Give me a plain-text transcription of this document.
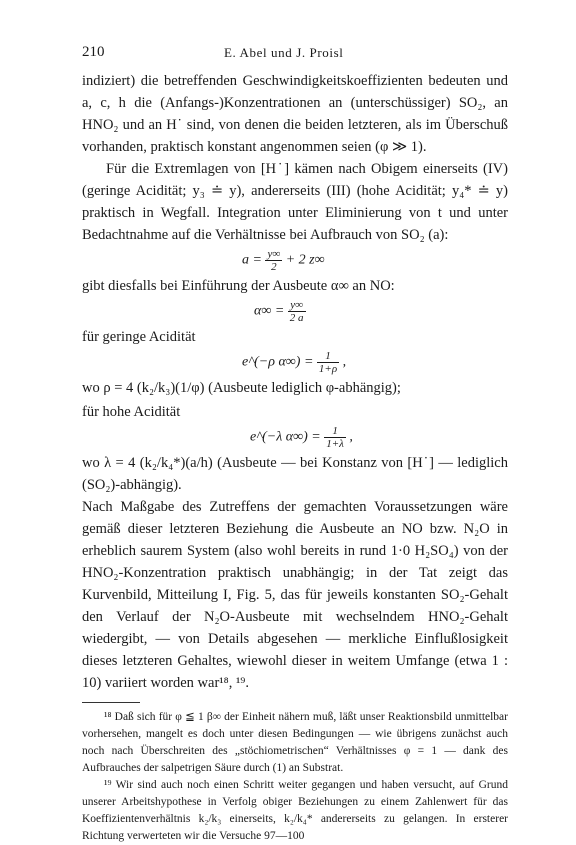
210	E. Abel und J. Proisl

indiziert) die betreffenden Geschwindigkeitskoeffizienten bedeuten und a, c, h die (Anfangs-)Konzentrationen an (unterschüssiger) SO₂, an HNO₂ und an H˙ sind, von denen die beiden letzteren, als im Überschuß vorhanden, praktisch konstant angenommen seien (φ ≫ 1).

Für die Extremlagen von [H˙] kämen nach Obigem einerseits (IV) (geringe Acidität; y₃ ≐ y), andererseits (III) (hohe Acidität; y₄* ≐ y) praktisch in Wegfall. Integration unter Eliminierung von t und unter Bedachtnahme auf die Verhältnisse bei Aufbrauch von SO₂ (a):

$a = \frac{y\infty}{2} + 2$ z∞

gibt diesfalls bei Einführung der Ausbeute α∞ an NO:

$\alpha\infty = \frac{y\infty}{2 a}$
für geringe Acidität
e^(−ρ $\alpha\infty) = \frac{1}{1+\rho}$ ,
wo ρ = 4 (k₂/k₃)(1/φ) (Ausbeute lediglich φ-abhängig);
für hohe Acidität
e^(−λ $\alpha\infty) = \frac{1}{1+\lambda}$ ,

wo λ = 4 (k₂/k₄*)(a/h) (Ausbeute — bei Konstanz von [H˙] — lediglich (SO₂)-abhängig).

Nach Maßgabe des Zutreffens der gemachten Voraussetzungen wäre gemäß dieser letzteren Beziehung die Ausbeute an NO bzw. N₂O in erheblich saurem System (also wohl bereits in rund 1·0 H₂SO₄) von der HNO₂-Konzentration praktisch unabhängig; in der Tat zeigt das Kurvenbild, Mitteilung I, Fig. 5, das für jeweils konstanten SO₂-Gehalt den Verlauf der N₂O-Ausbeute mit wechselndem HNO₂-Gehalt wiedergibt, — von Details abgesehen — merkliche Einflußlosigkeit dieses letzteren Gehaltes, wiewohl dieser in weitem Umfange (etwa 1 : 10) variiert worden war¹⁸, ¹⁹.

¹⁸ Daß sich für φ ≦ 1 β∞ der Einheit nähern muß, läßt unser Reaktionsbild unmittelbar vorhersehen, mangelt es doch unter diesen Bedingungen — wie übrigens zunächst auch noch nach Überschreiten des „stöchiometrischen“ Verhältnisses φ = 1 — dank des Aufbrauches der salpetrigen Säure durch (1) an Substrat.

¹⁹ Wir sind auch noch einen Schritt weiter gegangen und haben versucht, auf Grund unserer Arbeitshypothese in Verfolg obiger Beziehungen zu einem Zahlenwert für das Koeffizientenverhältnis k₂/k₃ einerseits, k₂/k₄* andererseits zu gelangen. In ersterer Richtung verwerteten wir die Versuche 97—100
